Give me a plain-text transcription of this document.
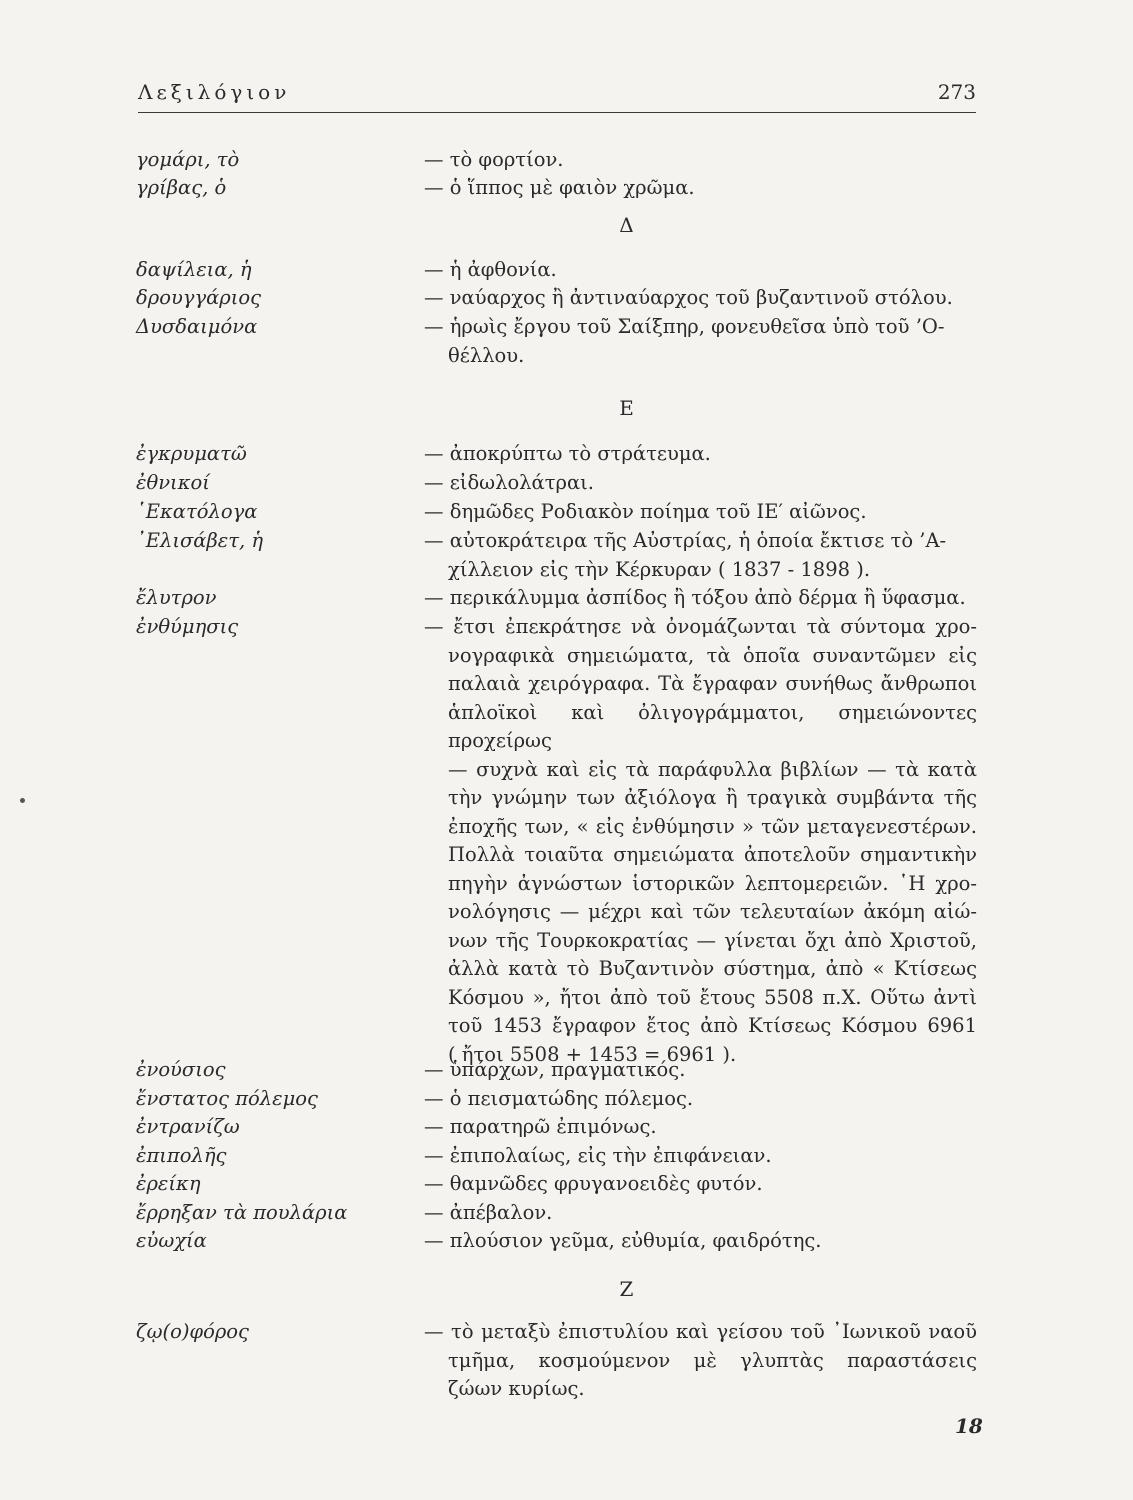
Λεξιλόγιον	273
γομάρι, τὸ	— τὸ φορτίον.
γρίβας, ὁ	— ὁ ἵππος μὲ φαιὸν χρῶμα.
Δ
δαψίλεια, ἡ	— ἡ ἀφθονία.
δρουγγάριος	— ναύαρχος ἢ ἀντιναύαρχος τοῦ βυζαντινοῦ στόλου.
Δυσδαιμόνα	— ἡρωὶς ἔργου τοῦ Σαίξπηρ, φονευθεῖσα ὑπὸ τοῦ ’Ο-
θέλλου.
Ε
ἐγκρυματῶ	— ἀποκρύπτω τὸ στράτευμα.
ἐθνικοί	— εἰδωλολάτραι.
῾Εκατόλογα	— δημῶδες Ροδιακὸν ποίημα τοῦ ΙΕ′ αἰῶνος.
᾿Ελισάβετ, ἡ	— αὐτοκράτειρα τῆς Αὐστρίας, ἡ ὁποία ἔκτισε τὸ ’Α-
χίλλειον εἰς τὴν Κέρκυραν ( 1837 - 1898 ).
ἔλυτρον	— περικάλυμμα ἀσπίδος ἢ τόξου ἀπὸ δέρμα ἢ ὕφασμα.
ἐνθύμησις	— ἔτσι ἐπεκράτησε νὰ ὀνομάζωνται τὰ σύντομα χρο-
νογραφικὰ σημειώματα, τὰ ὁποῖα συναντῶμεν εἰς
παλαιὰ χειρόγραφα. Τὰ ἔγραφαν συνήθως ἄνθρωποι
ἁπλοϊκοὶ καὶ ὀλιγογράμματοι, σημειώνοντες προχείρως
— συχνὰ καὶ εἰς τὰ παράφυλλα βιβλίων — τὰ κατὰ
τὴν γνώμην των ἀξιόλογα ἢ τραγικὰ συμβάντα τῆς
ἐποχῆς των, « εἰς ἐνθύμησιν » τῶν μεταγενεστέρων.
Πολλὰ τοιαῦτα σημειώματα ἀποτελοῦν σημαντικὴν
πηγὴν ἀγνώστων ἱστορικῶν λεπτομερειῶν. ῾Η χρο-
νολόγησις — μέχρι καὶ τῶν τελευταίων ἀκόμη αἰώ-
νων τῆς Τουρκοκρατίας — γίνεται ὄχι ἀπὸ Χριστοῦ,
ἀλλὰ κατὰ τὸ Βυζαντινὸν σύστημα, ἀπὸ « Κτίσεως
Κόσμου », ἤτοι ἀπὸ τοῦ ἔτους 5508 π.Χ. Οὕτω ἀντὶ
τοῦ 1453 ἔγραφον ἔτος ἀπὸ Κτίσεως Κόσμου 6961
( ἤτοι 5508 + 1453 = 6961 ).
ἐνούσιος	— ὑπάρχων, πραγματικός.
ἔνστατος πόλεμος	— ὁ πεισματώδης πόλεμος.
ἐντρανίζω	— παρατηρῶ ἐπιμόνως.
ἐπιπολῆς	— ἐπιπολαίως, εἰς τὴν ἐπιφάνειαν.
ἐρείκη	— θαμνῶδες φρυγανοειδὲς φυτόν.
ἔρρηξαν τὰ πουλάρια	— ἀπέβαλον.
εὐωχία	— πλούσιον γεῦμα, εὐθυμία, φαιδρότης.
Ζ
ζῳ(ο)φόρος	— τὸ μεταξὺ ἐπιστυλίου καὶ γείσου τοῦ ᾿Ιωνικοῦ ναοῦ
τμῆμα, κοσμούμενον μὲ γλυπτὰς παραστάσεις
ζώων κυρίως.
18
